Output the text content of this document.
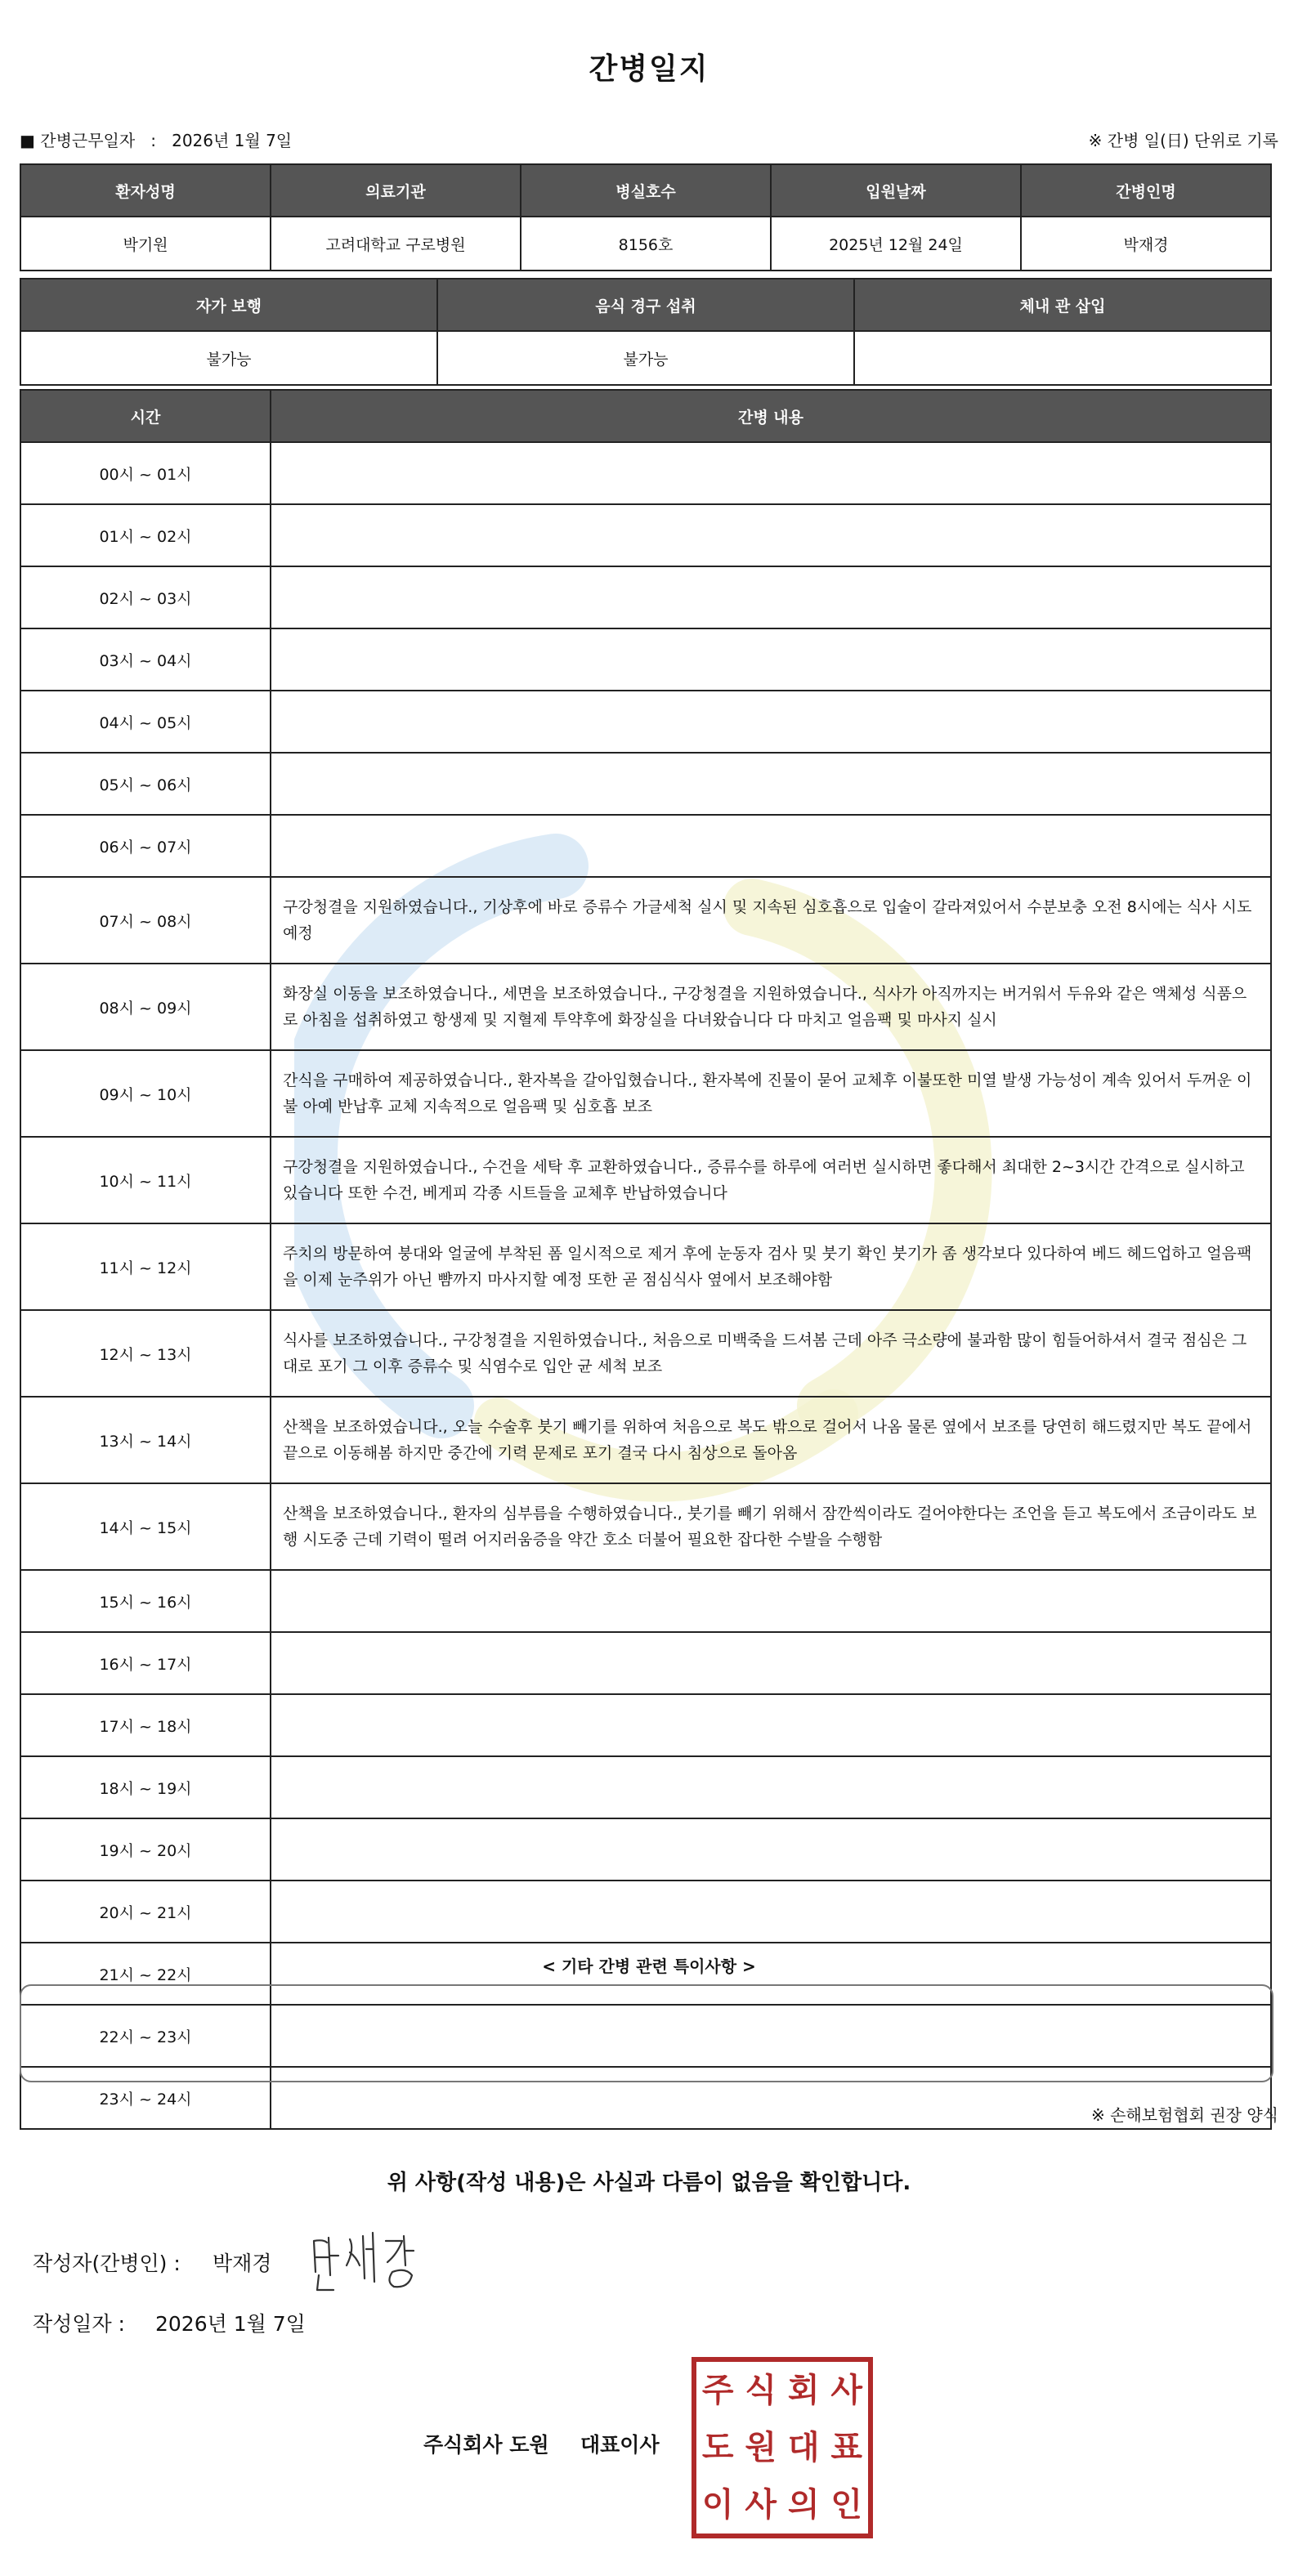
간병일지
■ 간병근무일자 : 2026년 1월 7일	※ 간병 일(日) 단위로 기록
환자성명	의료기관	병실호수	입원날짜	간병인명
박기원	고려대학교 구로병원	8156호	2025년 12월 24일	박재경
자가 보행	음식 경구 섭취	체내 관 삽입
불가능	불가능	
시간	간병 내용
00시 ~ 01시	
01시 ~ 02시	
02시 ~ 03시	
03시 ~ 04시	
04시 ~ 05시	
05시 ~ 06시	
06시 ~ 07시	
07시 ~ 08시	구강청결을 지원하였습니다., 기상후에 바로 증류수 가글세척 실시 및 지속된 심호흡으로 입술이 갈라져있어서 수분보충 오전 8시에는 식사 시도 예정
08시 ~ 09시	화장실 이동을 보조하였습니다., 세면을 보조하였습니다., 구강청결을 지원하였습니다., 식사가 아직까지는 버거워서 두유와 같은 액체성 식품으로 아침을 섭취하였고 항생제 및 지혈제 투약후에 화장실을 다녀왔습니다 다 마치고 얼음팩 및 마사지 실시
09시 ~ 10시	간식을 구매하여 제공하였습니다., 환자복을 갈아입혔습니다., 환자복에 진물이 묻어 교체후 이불또한 미열 발생 가능성이 계속 있어서 두꺼운 이불 아예 반납후 교체 지속적으로 얼음팩 및 심호흡 보조
10시 ~ 11시	구강청결을 지원하였습니다., 수건을 세탁 후 교환하였습니다., 증류수를 하루에 여러번 실시하면 좋다해서 최대한 2~3시간 간격으로 실시하고 있습니다 또한 수건, 베게피 각종 시트들을 교체후 반납하였습니다
11시 ~ 12시	주치의 방문하여 붕대와 얼굴에 부착된 폼 일시적으로 제거 후에 눈동자 검사 및 붓기 확인 붓기가 좀 생각보다 있다하여 베드 헤드업하고 얼음팩을 이제 눈주위가 아닌 뺨까지 마사지할 예정 또한 곧 점심식사 옆에서 보조해야함
12시 ~ 13시	식사를 보조하였습니다., 구강청결을 지원하였습니다., 처음으로 미백죽을 드셔봄 근데 아주 극소량에 불과함 많이 힘들어하셔서 결국 점심은 그대로 포기 그 이후 증류수 및 식염수로 입안 균 세척 보조
13시 ~ 14시	산책을 보조하였습니다., 오늘 수술후 붓기 빼기를 위하여 처음으로 복도 밖으로 걸어서 나옴 물론 옆에서 보조를 당연히 해드렸지만 복도 끝에서 끝으로 이동해봄 하지만 중간에 기력 문제로 포기 결국 다시 침상으로 돌아옴
14시 ~ 15시	산책을 보조하였습니다., 환자의 심부름을 수행하였습니다., 붓기를 빼기 위해서 잠깐씩이라도 걸어야한다는 조언을 듣고 복도에서 조금이라도 보행 시도중 근데 기력이 떨려 어지러움증을 약간 호소 더불어 필요한 잡다한 수발을 수행함
15시 ~ 16시	
16시 ~ 17시	
17시 ~ 18시	
18시 ~ 19시	
19시 ~ 20시	
20시 ~ 21시	
21시 ~ 22시	
22시 ~ 23시	
23시 ~ 24시	
< 기타 간병 관련 특이사항 >
※ 손해보험협회 권장 양식
위 사항(작성 내용)은 사실과 다름이 없음을 확인합니다.
작성자(간병인) : 박재경
작성일자 : 2026년 1월 7일
주식회사 도원 대표이사
주 식 회 사
도 원 대 표
이 사 의 인
